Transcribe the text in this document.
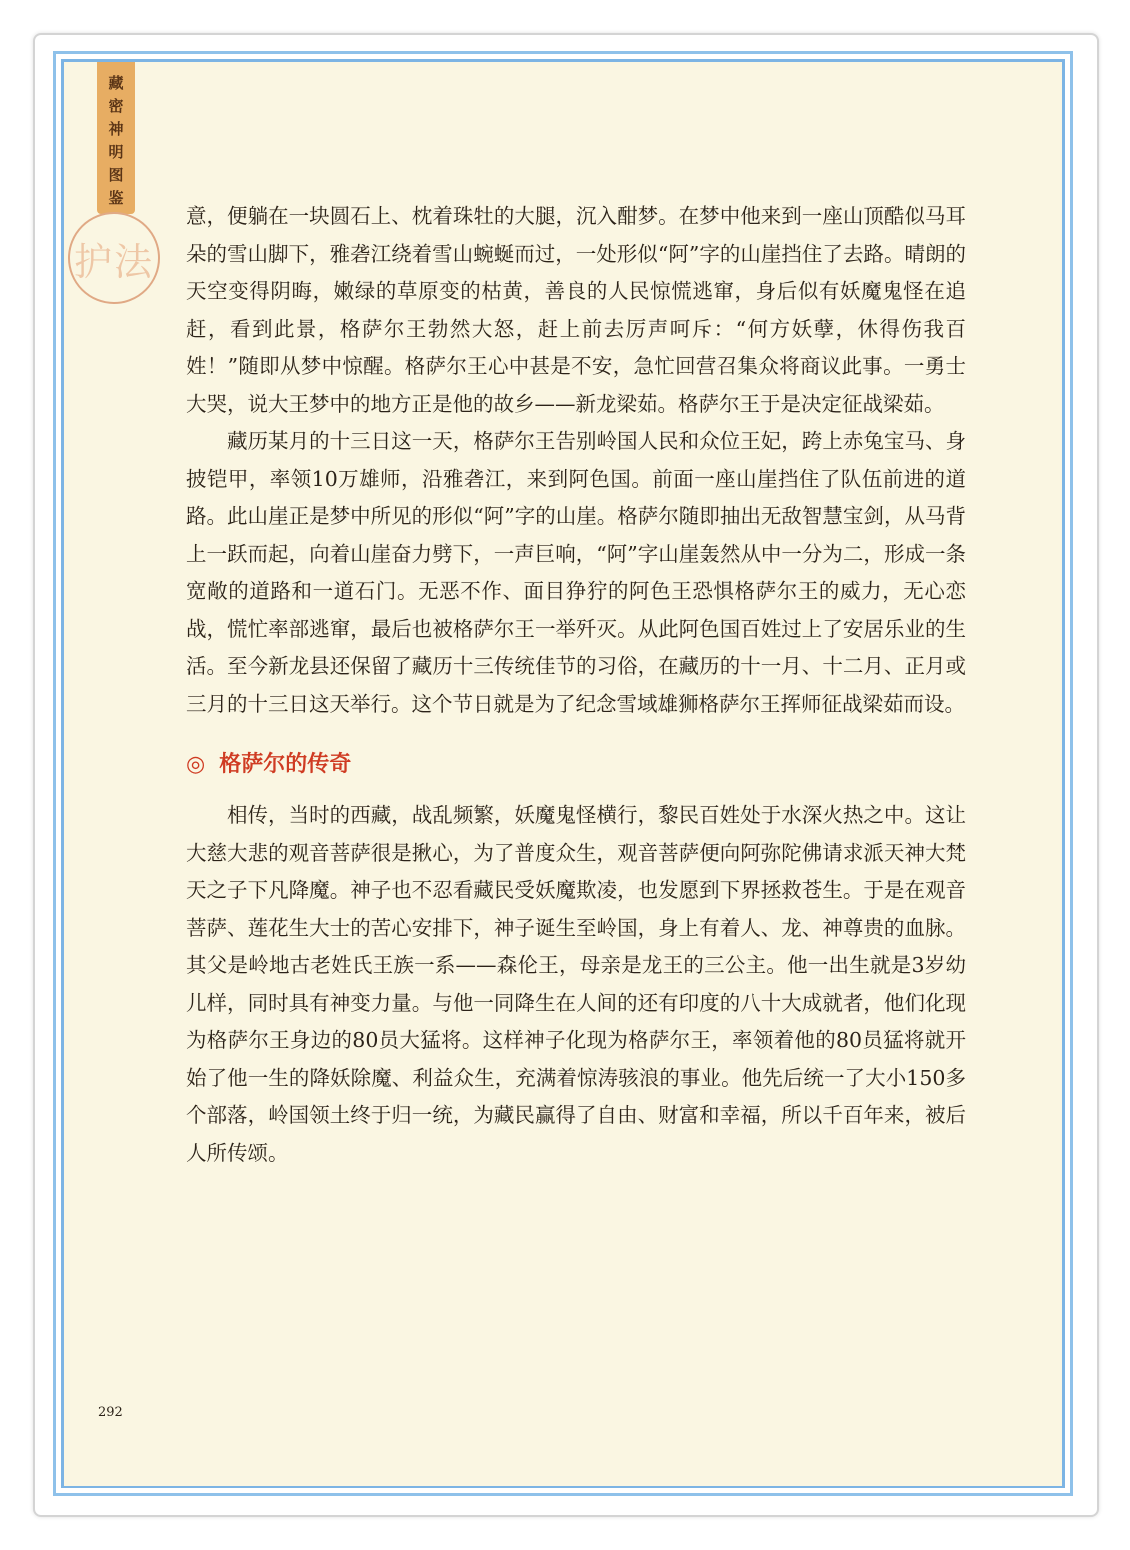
藏
密
神
明
图
鉴
护法

意，便躺在一块圆石上、枕着珠牡的大腿，沉入酣梦。在梦中他来到一座山顶酷似马耳朵的雪山脚下，雅砻江绕着雪山蜿蜒而过，一处形似“阿”字的山崖挡住了去路。晴朗的天空变得阴晦，嫩绿的草原变的枯黄，善良的人民惊慌逃窜，身后似有妖魔鬼怪在追赶，看到此景，格萨尔王勃然大怒，赶上前去厉声呵斥：“何方妖孽，休得伤我百姓！”随即从梦中惊醒。格萨尔王心中甚是不安，急忙回营召集众将商议此事。一勇士大哭，说大王梦中的地方正是他的故乡——新龙梁茹。格萨尔王于是决定征战梁茹。

藏历某月的十三日这一天，格萨尔王告别岭国人民和众位王妃，跨上赤兔宝马、身披铠甲，率领10万雄师，沿雅砻江，来到阿色国。前面一座山崖挡住了队伍前进的道路。此山崖正是梦中所见的形似“阿”字的山崖。格萨尔随即抽出无敌智慧宝剑，从马背上一跃而起，向着山崖奋力劈下，一声巨响，“阿”字山崖轰然从中一分为二，形成一条宽敞的道路和一道石门。无恶不作、面目狰狞的阿色王恐惧格萨尔王的威力，无心恋战，慌忙率部逃窜，最后也被格萨尔王一举歼灭。从此阿色国百姓过上了安居乐业的生活。至今新龙县还保留了藏历十三传统佳节的习俗，在藏历的十一月、十二月、正月或三月的十三日这天举行。这个节日就是为了纪念雪域雄狮格萨尔王挥师征战梁茹而设。

◎ 格萨尔的传奇

相传，当时的西藏，战乱频繁，妖魔鬼怪横行，黎民百姓处于水深火热之中。这让大慈大悲的观音菩萨很是揪心，为了普度众生，观音菩萨便向阿弥陀佛请求派天神大梵天之子下凡降魔。神子也不忍看藏民受妖魔欺凌，也发愿到下界拯救苍生。于是在观音菩萨、莲花生大士的苦心安排下，神子诞生至岭国，身上有着人、龙、神尊贵的血脉。其父是岭地古老姓氏王族一系——森伦王，母亲是龙王的三公主。他一出生就是3岁幼儿样，同时具有神变力量。与他一同降生在人间的还有印度的八十大成就者，他们化现为格萨尔王身边的80员大猛将。这样神子化现为格萨尔王，率领着他的80员猛将就开始了他一生的降妖除魔、利益众生，充满着惊涛骇浪的事业。他先后统一了大小150多个部落，岭国领土终于归一统，为藏民赢得了自由、财富和幸福，所以千百年来，被后人所传颂。

292
